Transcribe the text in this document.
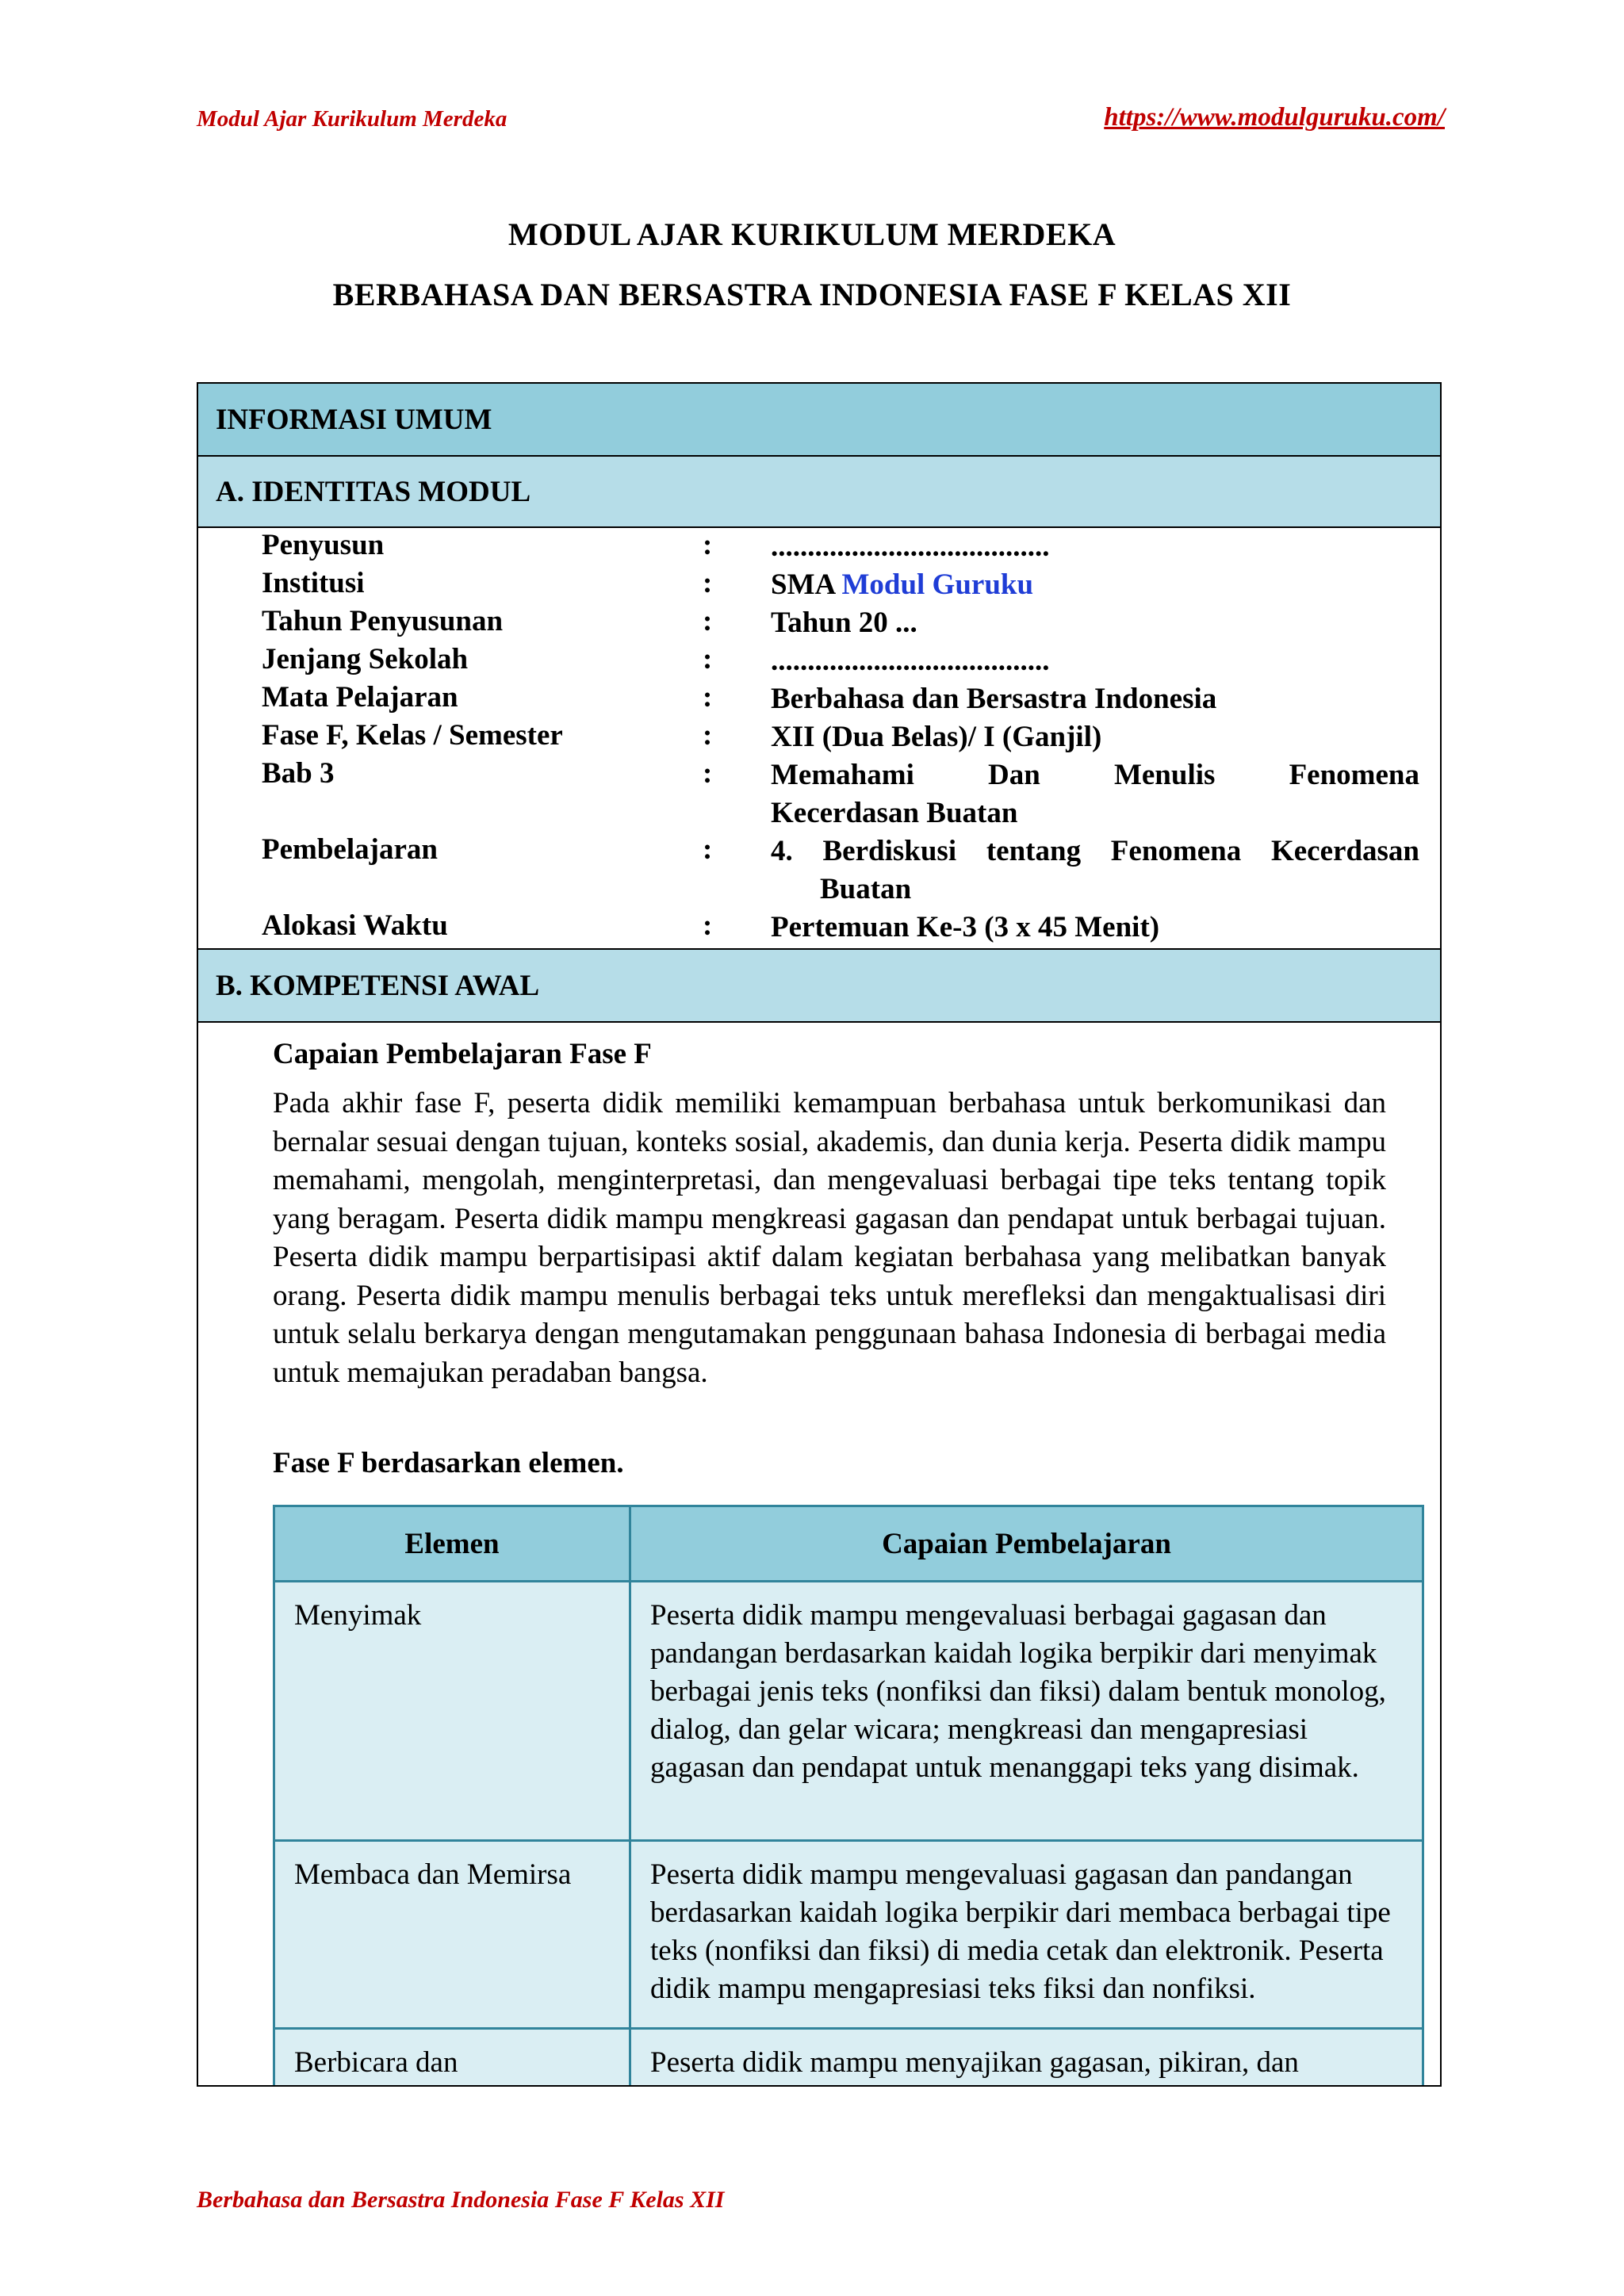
Modul Ajar Kurikulum Merdeka	https://www.modulguruku.com/
MODUL AJAR KURIKULUM MERDEKA
BERBAHASA DAN BERSASTRA INDONESIA FASE F KELAS XII
INFORMASI UMUM
A. IDENTITAS MODUL
Penyusun	: ......................................
Institusi	: SMA Modul Guruku
Tahun Penyusunan	: Tahun 20 ...
Jenjang Sekolah	: ......................................
Mata Pelajaran	: Berbahasa dan Bersastra Indonesia
Fase F, Kelas / Semester	: XII (Dua Belas)/ I (Ganjil)
Bab 3	: Memahami Dan Menulis Fenomena
Kecerdasan Buatan
Pembelajaran	: 4. Berdiskusi tentang Fenomena Kecerdasan
Buatan
Alokasi Waktu	: Pertemuan Ke-3 (3 x 45 Menit)
B. KOMPETENSI AWAL
Capaian Pembelajaran Fase F
Pada akhir fase F, peserta didik memiliki kemampuan berbahasa untuk berkomunikasi dan bernalar sesuai dengan tujuan, konteks sosial, akademis, dan dunia kerja. Peserta didik mampu memahami, mengolah, menginterpretasi, dan mengevaluasi berbagai tipe teks tentang topik yang beragam. Peserta didik mampu mengkreasi gagasan dan pendapat untuk berbagai tujuan. Peserta didik mampu berpartisipasi aktif dalam kegiatan berbahasa yang melibatkan banyak orang. Peserta didik mampu menulis berbagai teks untuk merefleksi dan mengaktualisasi diri untuk selalu berkarya dengan mengutamakan penggunaan bahasa Indonesia di berbagai media untuk memajukan peradaban bangsa.
Fase F berdasarkan elemen.
Elemen	Capaian Pembelajaran
Menyimak	Peserta didik mampu mengevaluasi berbagai gagasan dan pandangan berdasarkan kaidah logika berpikir dari menyimak berbagai jenis teks (nonfiksi dan fiksi) dalam bentuk monolog, dialog, dan gelar wicara; mengkreasi dan mengapresiasi gagasan dan pendapat untuk menanggapi teks yang disimak.
Membaca dan Memirsa	Peserta didik mampu mengevaluasi gagasan dan pandangan berdasarkan kaidah logika berpikir dari membaca berbagai tipe teks (nonfiksi dan fiksi) di media cetak dan elektronik. Peserta didik mampu mengapresiasi teks fiksi dan nonfiksi.
Berbicara dan	Peserta didik mampu menyajikan gagasan, pikiran, dan
Berbahasa dan Bersastra Indonesia Fase F Kelas XII
